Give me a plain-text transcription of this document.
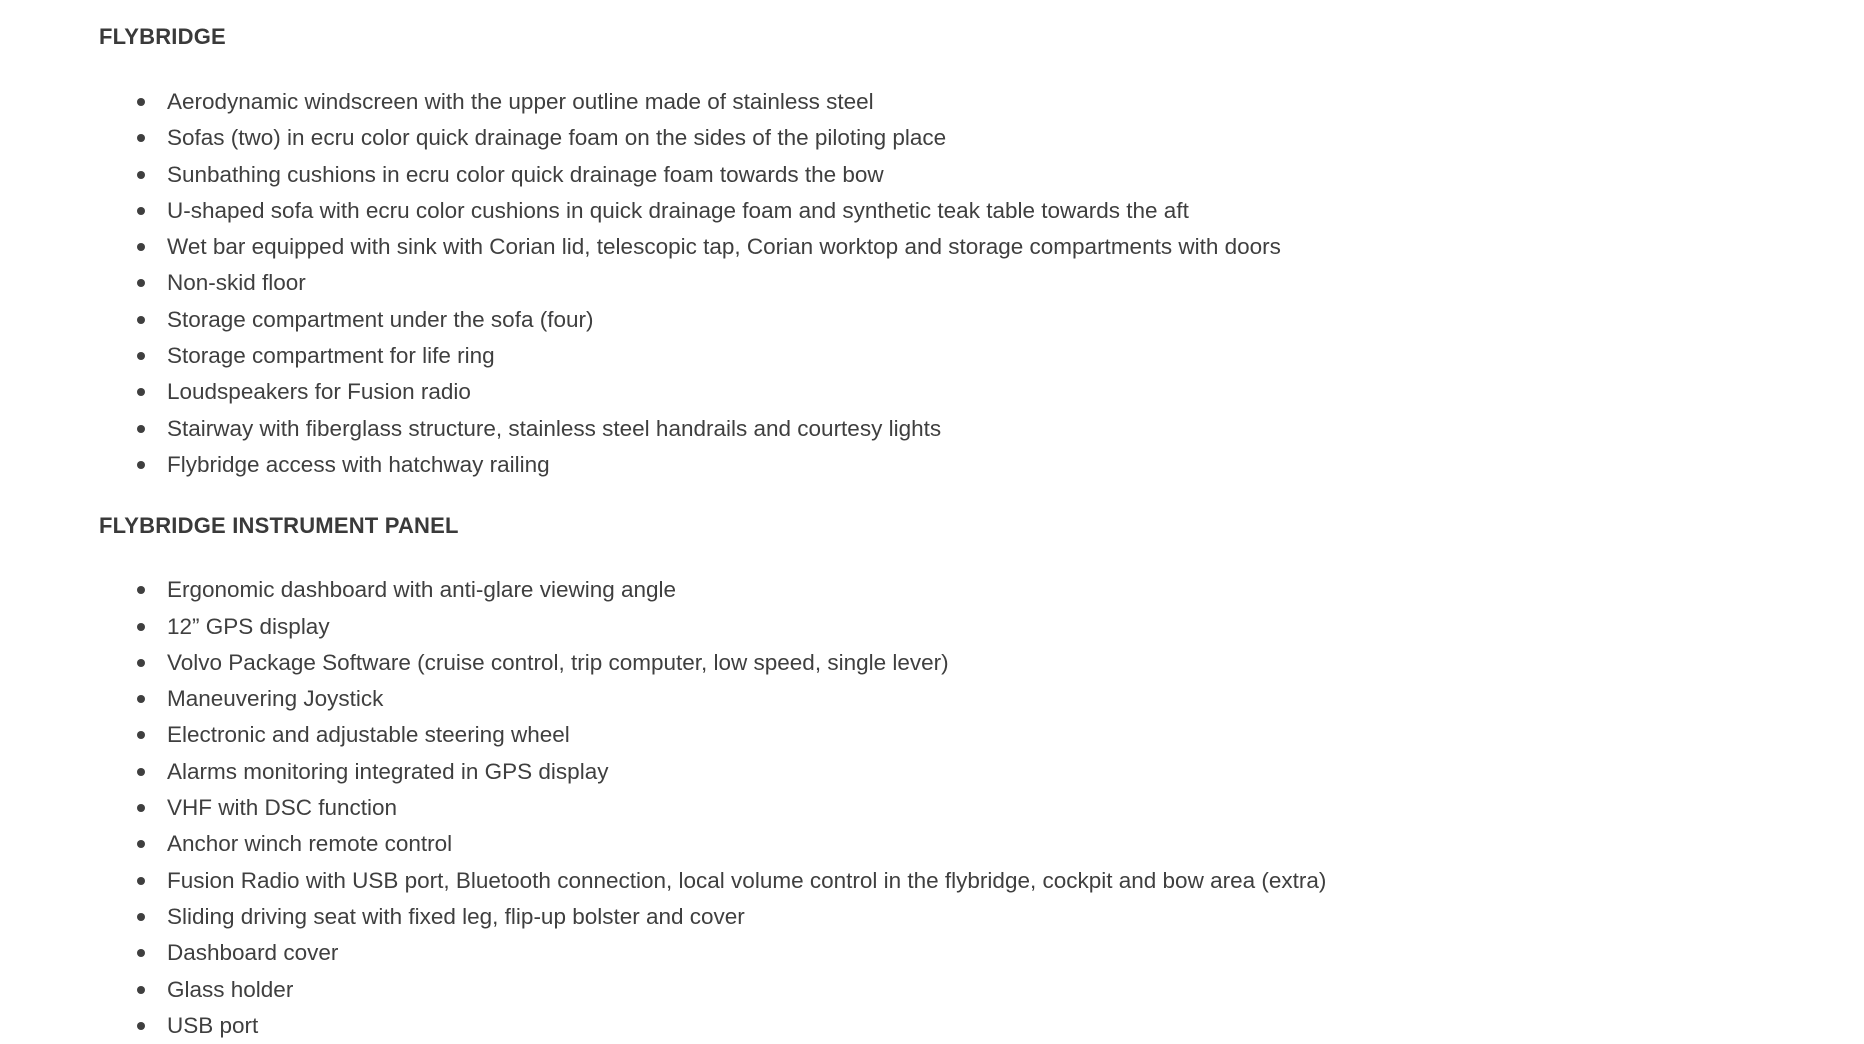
FLYBRIDGE
Aerodynamic windscreen with the upper outline made of stainless steel
Sofas (two) in ecru color quick drainage foam on the sides of the piloting place
Sunbathing cushions in ecru color quick drainage foam towards the bow
U-shaped sofa with ecru color cushions in quick drainage foam and synthetic teak table towards the aft
Wet bar equipped with sink with Corian lid, telescopic tap, Corian worktop and storage compartments with doors
Non-skid floor
Storage compartment under the sofa (four)
Storage compartment for life ring
Loudspeakers for Fusion radio
Stairway with fiberglass structure, stainless steel handrails and courtesy lights
Flybridge access with hatchway railing
FLYBRIDGE INSTRUMENT PANEL
Ergonomic dashboard with anti-glare viewing angle
12” GPS display
Volvo Package Software (cruise control, trip computer, low speed, single lever)
Maneuvering Joystick
Electronic and adjustable steering wheel
Alarms monitoring integrated in GPS display
VHF with DSC function
Anchor winch remote control
Fusion Radio with USB port, Bluetooth connection, local volume control in the flybridge, cockpit and bow area (extra)
Sliding driving seat with fixed leg, flip-up bolster and cover
Dashboard cover
Glass holder
USB port
